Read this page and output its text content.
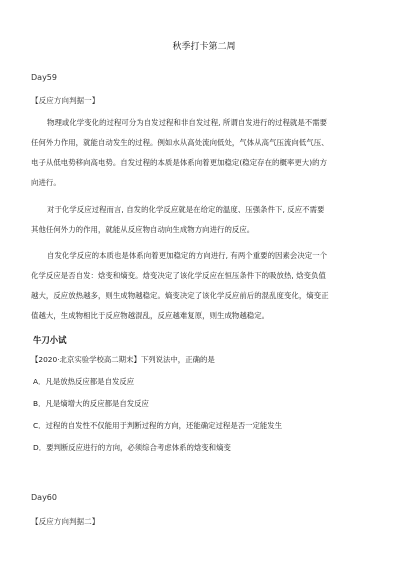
秋季打卡第二周
Day59
【反应方向判据一】
物理或化学变化的过程可分为自发过程和非自发过程, 所谓自发进行的过程就是不需要
任何外力作用，就能自动发生的过程。例如水从高处流向低处，气体从高气压流向低气压、
电子从低电势移向高电势。自发过程的本质是体系向着更加稳定(稳定存在的概率更大)的方
向进行。
对于化学反应过程而言, 自发的化学反应就是在给定的温度、压强条件下, 反应不需要
其他任何外力的作用，就能从反应物自动向生成物方向进行的反应。
自发化学反应的本质也是体系向着更加稳定的方向进行, 有两个重要的因素会决定一个
化学反应是否自发：焓变和熵变。焓变决定了该化学反应在恒压条件下的吸放热, 焓变负值
越大，反应放热越多，则生成物越稳定。熵变决定了该化学反应前后的混乱度变化，熵变正
值越大，生成物相比于反应物越混乱，反应越难复原，则生成物越稳定。
牛刀小试
【2020·北京实验学校高二期末】下列说法中，正确的是
A．凡是放热反应都是自发反应
B．凡是熵增大的反应都是自发反应
C．过程的自发性不仅能用于判断过程的方向，还能确定过程是否一定能发生
D．要判断反应进行的方向，必须综合考虑体系的焓变和熵变
Day60
【反应方向判据二】
